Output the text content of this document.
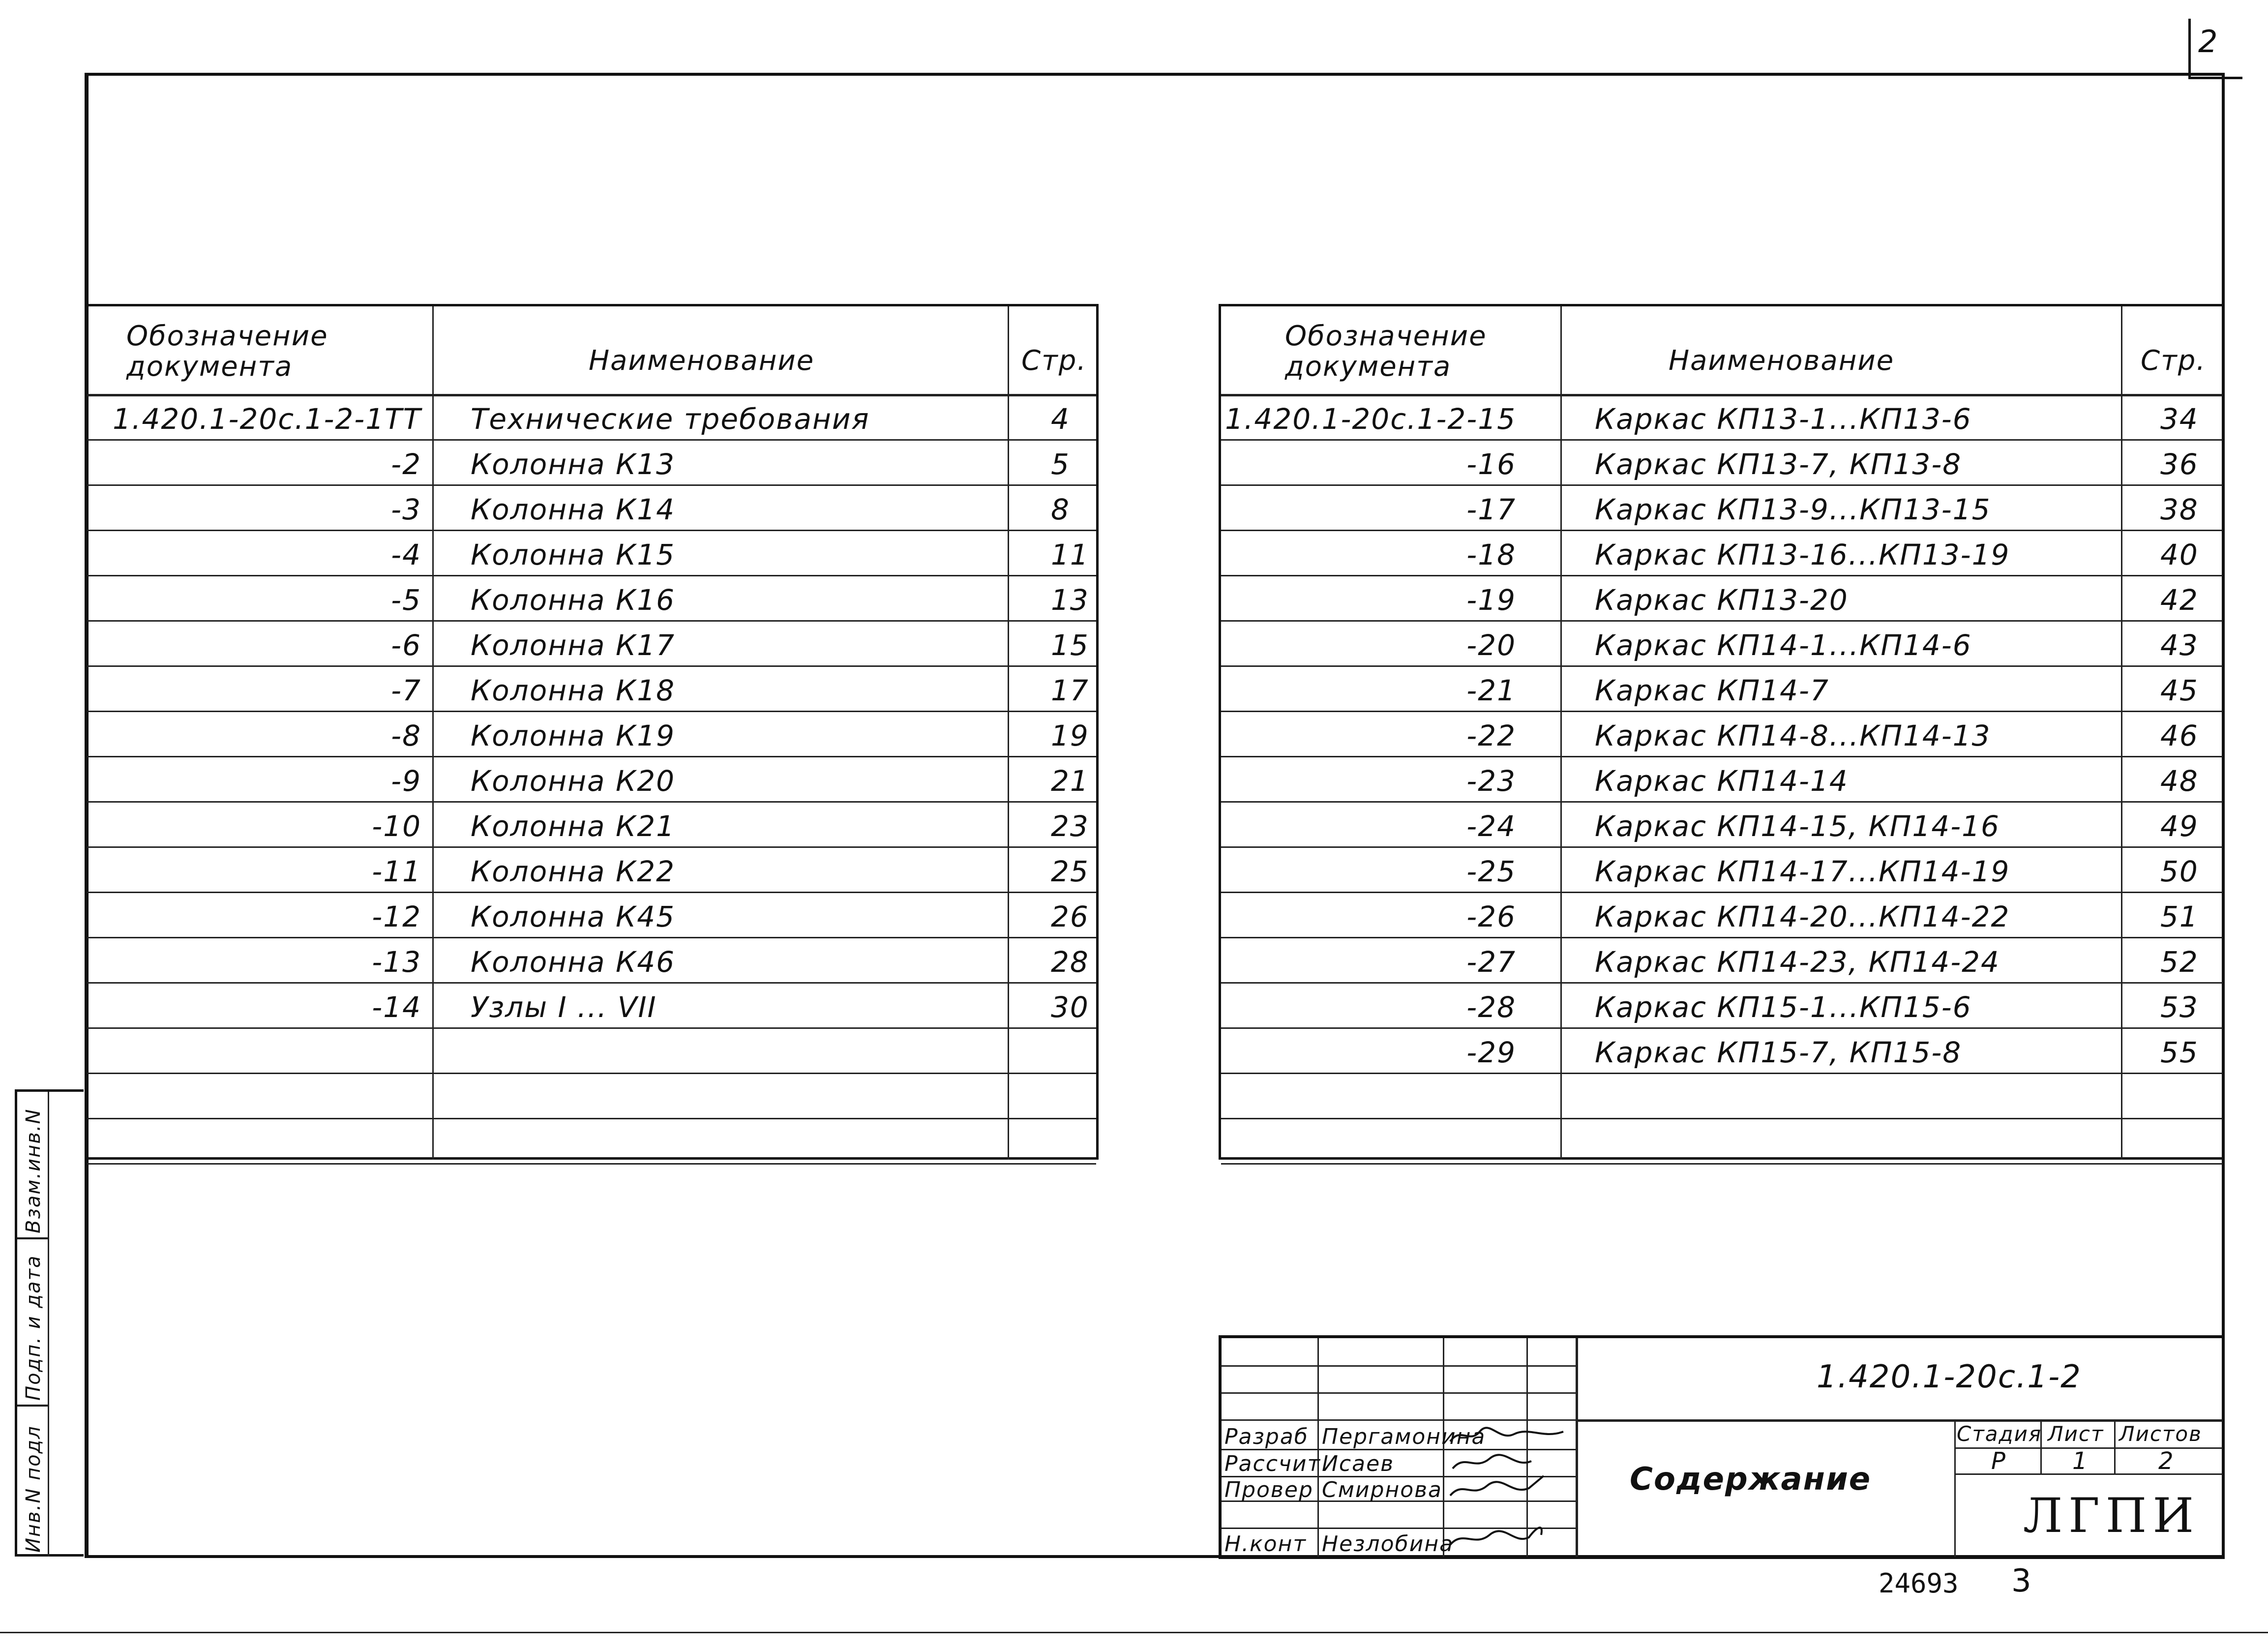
2
Взам.инв.N
Подп. и дата
Инв.N подл
Обозначение документа	Наименование	Стр.
1.420.1-20с.1-2-1ТТ Технические требования	4
-2 Колонна К13	5
-3 Колонна К14	8
-4 Колонна К15	11
-5 Колонна К16	13
-6 Колонна К17	15
-7 Колонна К18	17
-8 Колонна К19	19
-9 Колонна К20	21
-10 Колонна К21	23
-11 Колонна К22	25
-12 Колонна К45	26
-13 Колонна К46	28
-14 Узлы I ... VII	30
Обозначение документа	Наименование	Стр.
1.420.1-20с.1-2-15	Каркас КП13-1...КП13-6	34
-16	Каркас КП13-7, КП13-8	36
-17	Каркас КП13-9...КП13-15	38
-18	Каркас КП13-16...КП13-19	40
-19	Каркас КП13-20	42
-20	Каркас КП14-1...КП14-6	43
-21	Каркас КП14-7	45
-22	Каркас КП14-8...КП14-13	46
-23	Каркас КП14-14	48
-24	Каркас КП14-15, КП14-16	49
-25	Каркас КП14-17...КП14-19	50
-26	Каркас КП14-20...КП14-22	51
-27	Каркас КП14-23, КП14-24	52
-28	Каркас КП15-1...КП15-6	53
-29	Каркас КП15-7, КП15-8	55
Разраб Пергамонина
Рассчит Исаев
Провер Смирнова
Н.конт Незлобина
1.420.1-20с.1-2
Содержание
Стадия Лист Листов
Р	1	2
ЛГПИ
24693 3
